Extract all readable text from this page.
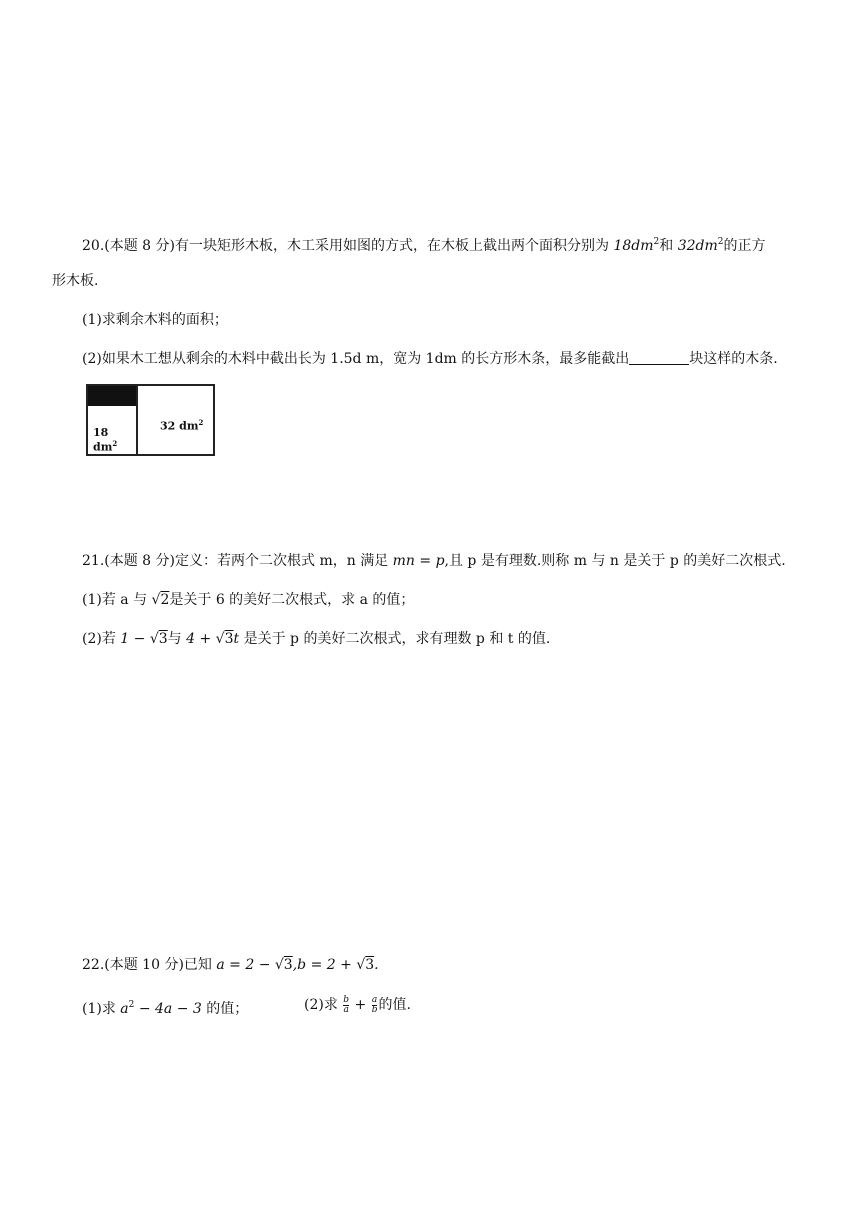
20.(本题 8 分)有一块矩形木板，木工采用如图的方式，在木板上截出两个面积分别为 $18dm^2$和 $32dm^2$的正方
形木板.
(1)求剩余木料的面积；
(2)如果木工想从剩余的木料中截出长为 1.5d m，宽为 1dm 的长方形木条，最多能截出	块这样的木条.
18 $dm^2$
32 $dm^2$
21.(本题 8 分)定义：若两个二次根式 m，n 满足 mn = p,且 p 是有理数.则称 m 与 n 是关于 p 的美好二次根式.
(1)若 a 与 √2是关于 6 的美好二次根式，求 a 的值；
(2)若 1 − √3与 4 + √3t 是关于 p 的美好二次根式，求有理数 p 和 t 的值.
22.(本题 10 分)已知 a = 2 − √3,b = 2 + √3.
(1)求 $a^2 - 4a - 3$ 的值；	(2)求 $\frac{b}{a} + \frac{a}{b}$ 的值.
